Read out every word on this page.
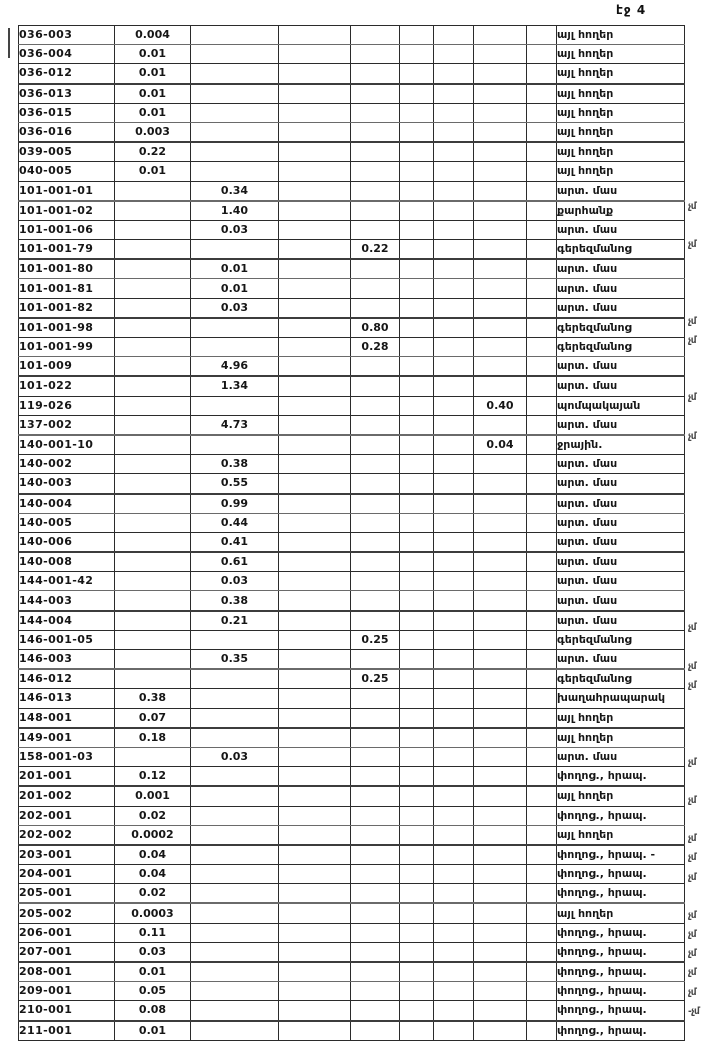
էջ 4
036-003	0.004								այլ հողեր
036-004	0.01								այլ հողեր
036-012	0.01								այլ հողեր
036-013	0.01								այլ հողեր
036-015	0.01								այլ հողեր
036-016	0.003								այլ հողեր
039-005	0.22								այլ հողեր
040-005	0.01								այլ հողեր
101-001-01		0.34							արտ. մաս
101-001-02		1.40							քարհանք
101-001-06		0.03							արտ. մաս
101-001-79				0.22					գերեզմանոց
101-001-80		0.01							արտ. մաս
101-001-81		0.01							արտ. մաս
101-001-82		0.03							արտ. մաս
101-001-98				0.80					գերեզմանոց
101-001-99				0.28					գերեզմանոց
101-009		4.96							արտ. մաս
101-022		1.34							արտ. մաս
119-026							0.40		պոմպակայան
137-002		4.73							արտ. մաս
140-001-10							0.04		ջրային.
140-002		0.38							արտ. մաս
140-003		0.55							արտ. մաս
140-004		0.99							արտ. մաս
140-005		0.44							արտ. մաս
140-006		0.41							արտ. մաս
140-008		0.61							արտ. մաս
144-001-42		0.03							արտ. մաս
144-003		0.38							արտ. մաս
144-004		0.21							արտ. մաս
146-001-05				0.25					գերեզմանոց
146-003		0.35							արտ. մաս
146-012				0.25					գերեզմանոց
146-013	0.38								խաղահրապարակ
148-001	0.07								այլ հողեր
149-001	0.18								այլ հողեր
158-001-03		0.03							արտ. մաս
201-001	0.12								փողոց., հրապ.
201-002	0.001								այլ հողեր
202-001	0.02								փողոց., հրապ.
202-002	0.0002								այլ հողեր
203-001	0.04								փողոց., հրապ. -
204-001	0.04								փողոց., հրապ.
205-001	0.02								փողոց., հրապ.
205-002	0.0003								այլ հողեր
206-001	0.11								փողոց., հրապ.
207-001	0.03								փողոց., հրապ.
208-001	0.01								փողոց., հրապ.
209-001	0.05								փողոց., հրապ.
210-001	0.08								փողոց., հրապ.
211-001	0.01								փողոց., հրապ.
չմ
չմ
չմ
չմ
չմ
չմ
չմ
չմ
չմ
չմ
չմ
չմ
չմ
չմ
չմ
չմ
չմ
չմ
չմ
-չմ
